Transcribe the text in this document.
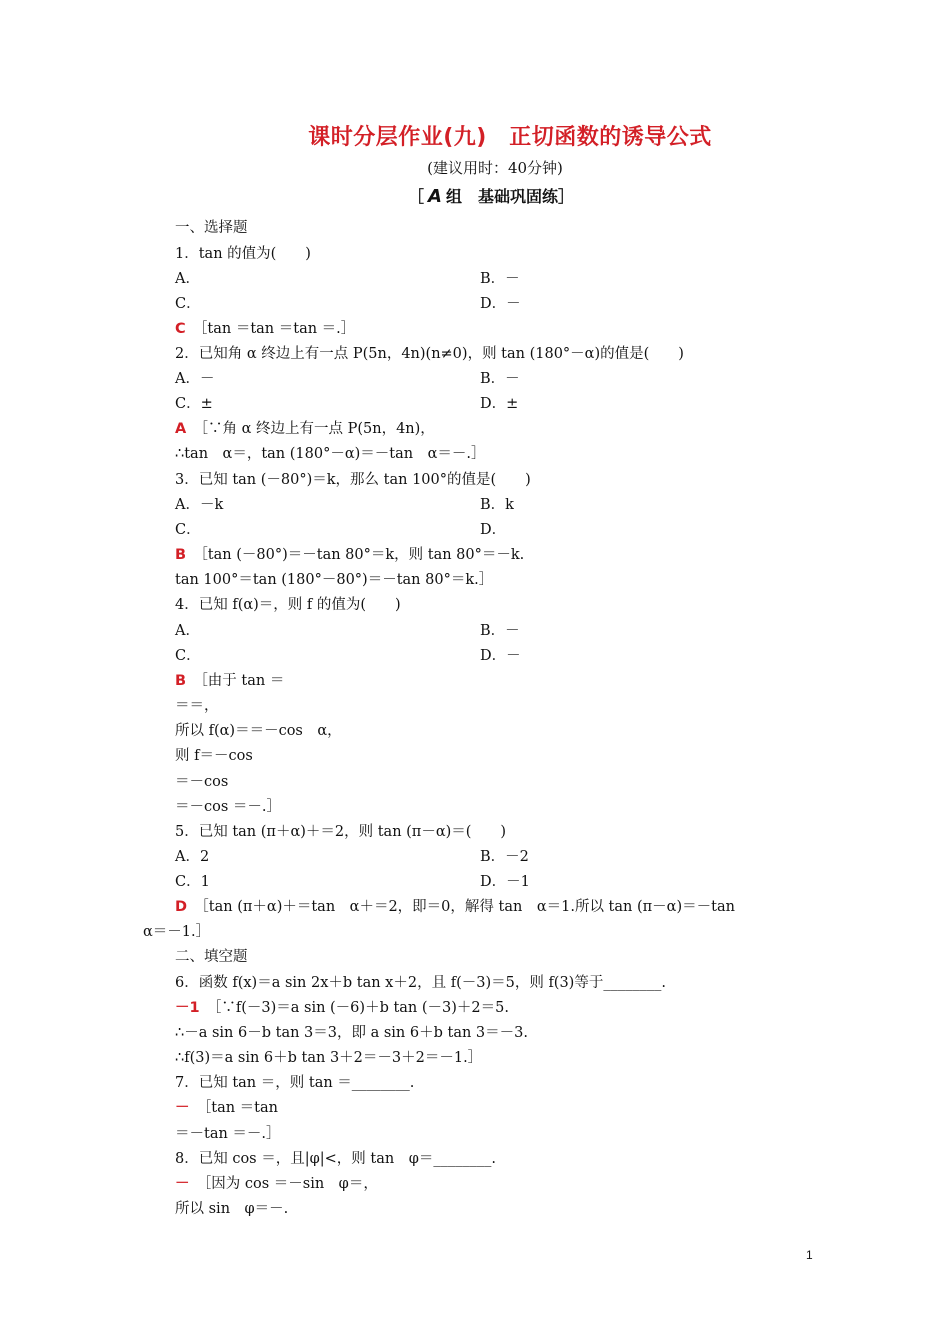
课时分层作业(九)　正切函数的诱导公式
(建议用时：40分钟)
［ A 组　基础巩固练］
一、选择题
1．tan 的值为(　　)
A．	B．－
C．	D．－
C　 ［tan ＝tan ＝tan ＝.］
2．已知角 α 终边上有一点 P(5n，4n)(n≠0)，则 tan (180°－α)的值是(　　)
A．－	B．－
C．±	D．±
A　 ［∵角 α 终边上有一点 P(5n，4n)，
∴tan　α＝，tan (180°－α)＝－tan　α＝－.］
3．已知 tan (－80°)＝k，那么 tan 100°的值是(　　)
A．－k	B．k
C．	D．
B　 ［tan (－80°)＝－tan 80°＝k，则 tan 80°＝－k.
tan 100°＝tan (180°－80°)＝－tan 80°＝k.］
4．已知 f(α)＝，则 f 的值为(　　)
A．	B．－
C．	D．－
B　 ［由于 tan ＝
＝＝，
所以 f(α)＝＝－cos　α，
则 f＝－cos
＝－cos
＝－cos ＝－.］
5．已知 tan (π＋α)＋＝2，则 tan (π－α)＝(　　)
A．2	B．－2
C．1	D．－1
D　 ［tan (π＋α)＋＝tan　α＋＝2，即＝0，解得 tan　α＝1.所以 tan (π－α)＝－tan
α＝－1.］
二、填空题
6．函数 f(x)＝a sin 2x＋b tan x＋2，且 f(－3)＝5，则 f(3)等于________.
－1　 ［∵f(－3)＝a sin (－6)＋b tan (－3)＋2＝5.
∴－a sin 6－b tan 3＝3，即 a sin 6＋b tan 3＝－3.
∴f(3)＝a sin 6＋b tan 3＋2＝－3＋2＝－1.］
7．已知 tan ＝，则 tan ＝________.
－　 ［tan ＝tan
＝－tan ＝－.］
8．已知 cos ＝，且|φ|<，则 tan　φ＝________.
－　 ［因为 cos ＝－sin　φ＝，
所以 sin　φ＝－.
1
